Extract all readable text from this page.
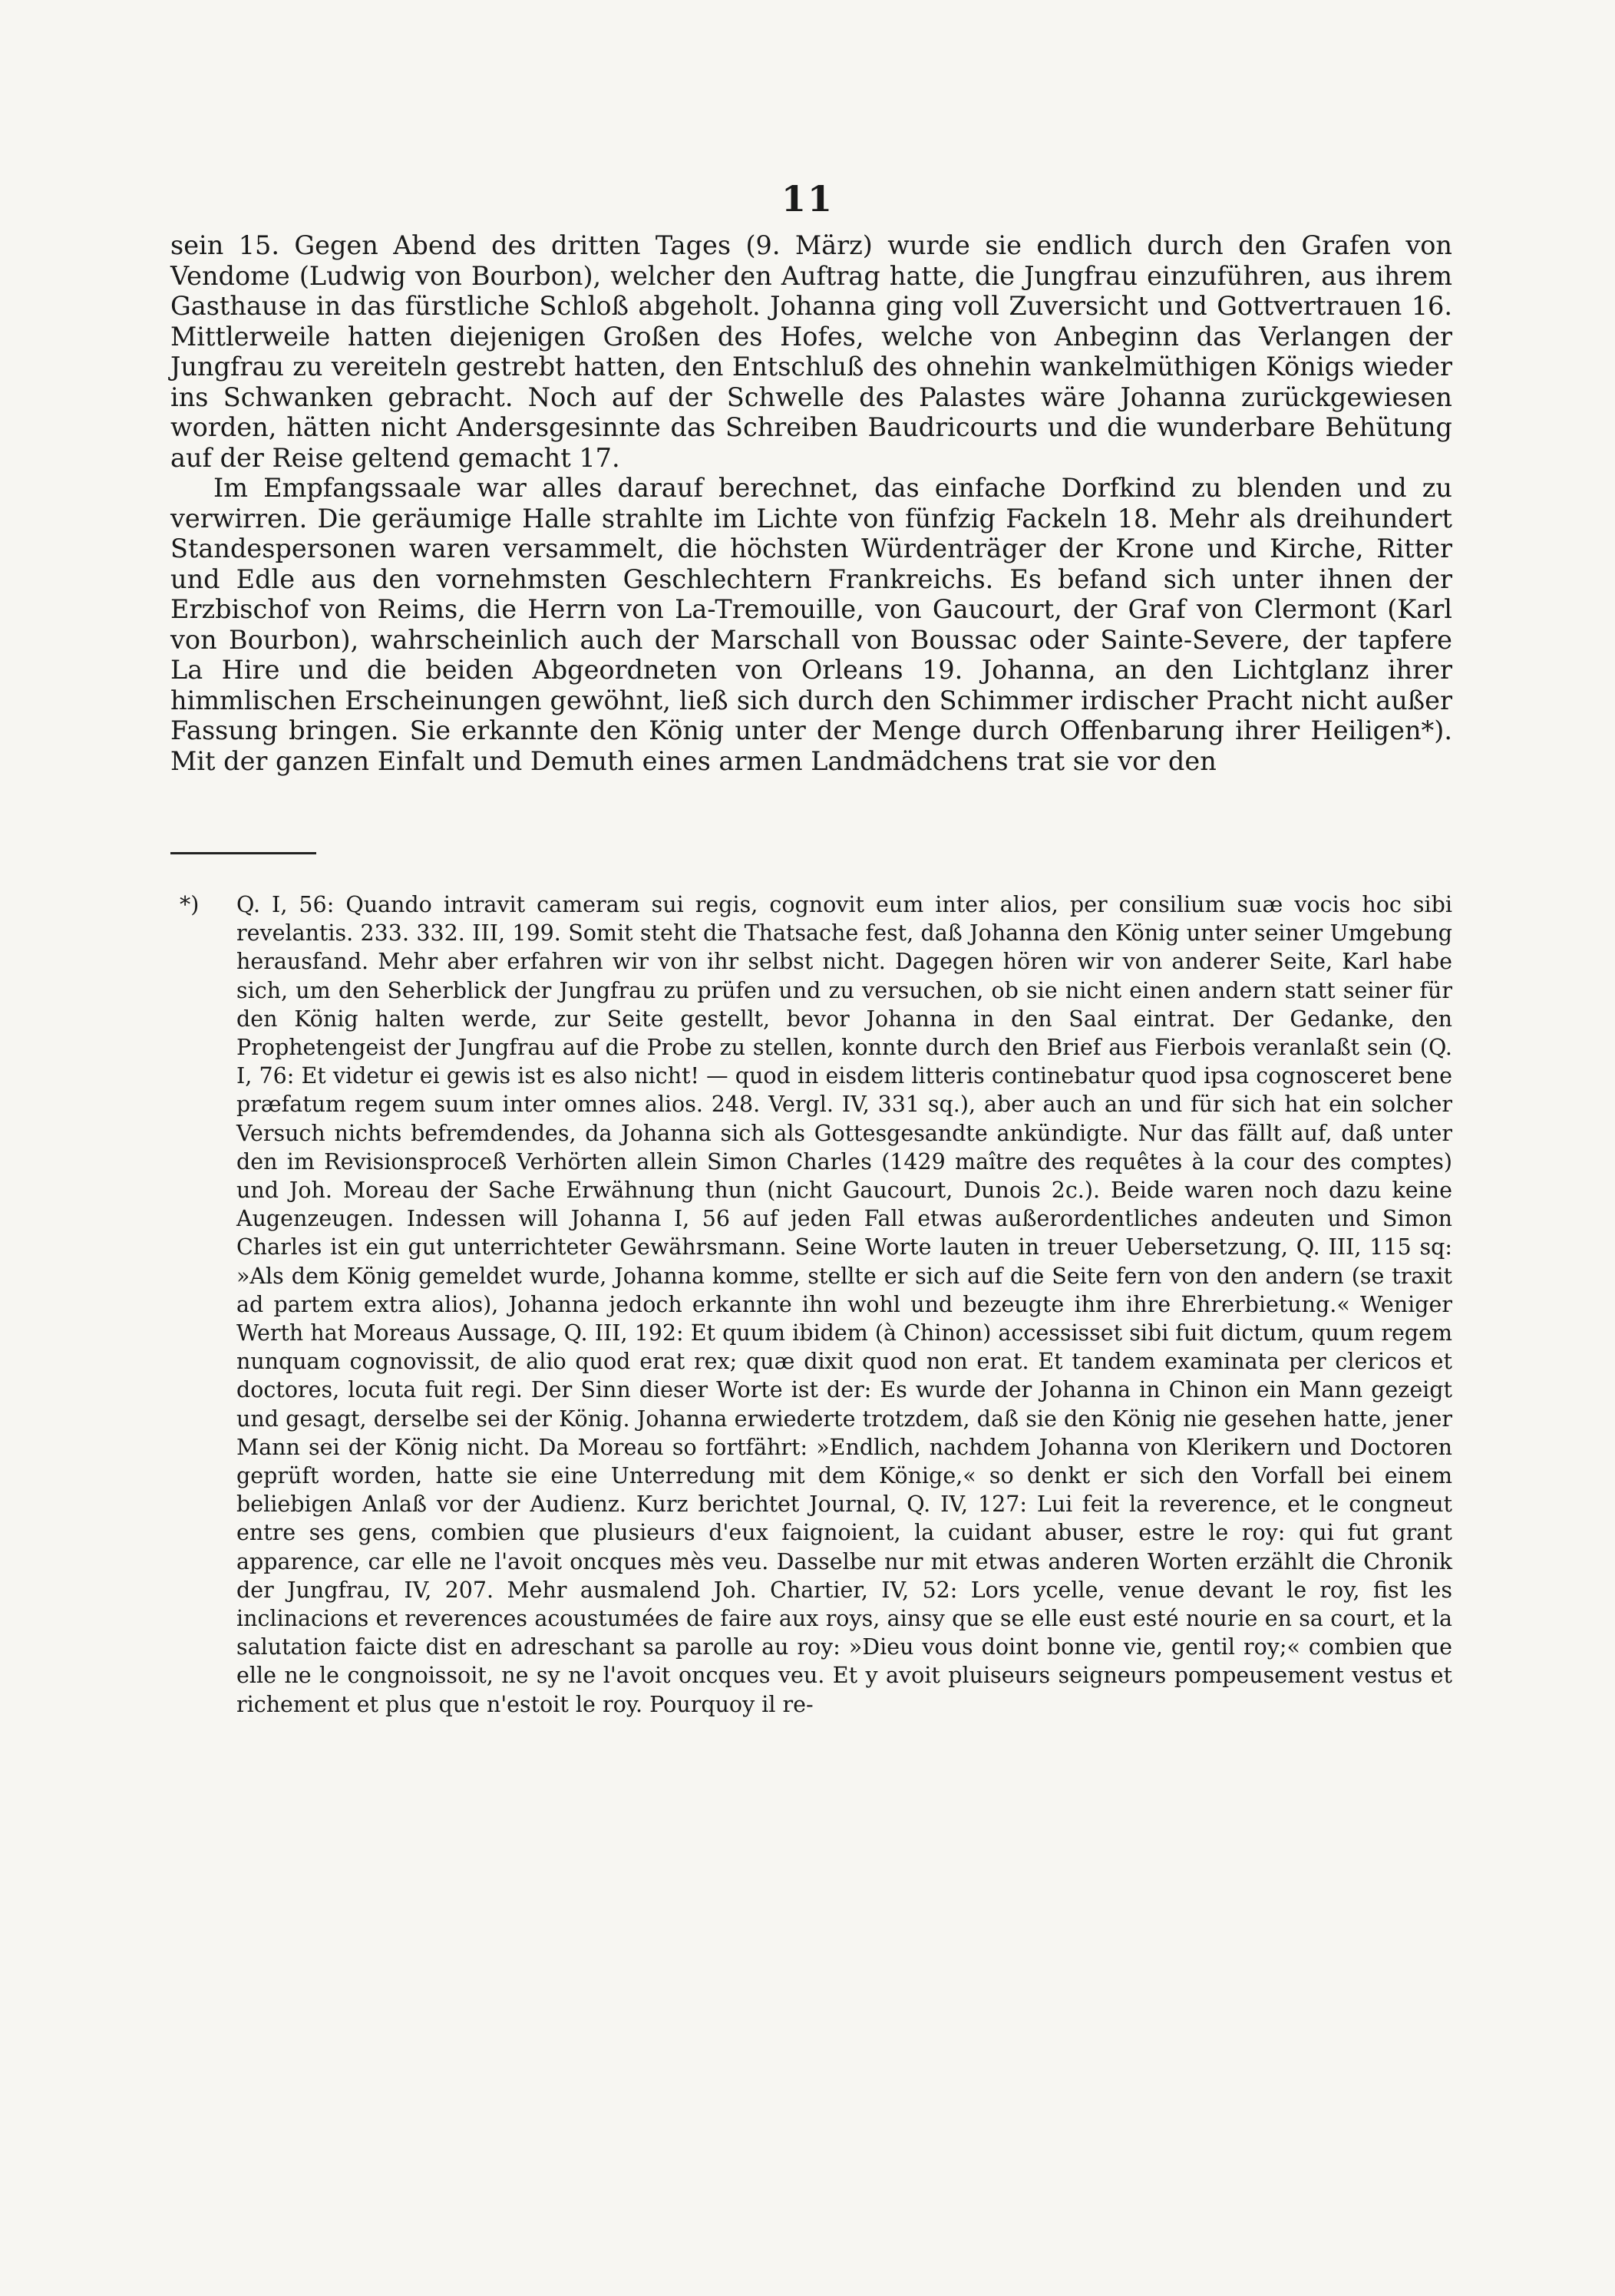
11

sein 15. Gegen Abend des dritten Tages (9. März) wurde sie endlich durch den Grafen von Vendome (Ludwig von Bourbon), welcher den Auftrag hatte, die Jungfrau einzuführen, aus ihrem Gasthause in das fürstliche Schloß abgeholt. Johanna ging voll Zuversicht und Gottvertrauen 16. Mittlerweile hatten diejenigen Großen des Hofes, welche von Anbeginn das Verlangen der Jungfrau zu vereiteln gestrebt hatten, den Entschluß des ohnehin wankelmüthigen Königs wieder ins Schwanken gebracht. Noch auf der Schwelle des Palastes wäre Johanna zurückgewiesen worden, hätten nicht Andersgesinnte das Schreiben Baudricourts und die wunderbare Behütung auf der Reise geltend gemacht 17.

Im Empfangssaale war alles darauf berechnet, das einfache Dorfkind zu blenden und zu verwirren. Die geräumige Halle strahlte im Lichte von fünfzig Fackeln 18. Mehr als dreihundert Standespersonen waren versammelt, die höchsten Würdenträger der Krone und Kirche, Ritter und Edle aus den vornehmsten Geschlechtern Frankreichs. Es befand sich unter ihnen der Erzbischof von Reims, die Herrn von La-Tremouille, von Gaucourt, der Graf von Clermont (Karl von Bourbon), wahrscheinlich auch der Marschall von Boussac oder Sainte-Severe, der tapfere La Hire und die beiden Abgeordneten von Orleans 19. Johanna, an den Lichtglanz ihrer himmlischen Erscheinungen gewöhnt, ließ sich durch den Schimmer irdischer Pracht nicht außer Fassung bringen. Sie erkannte den König unter der Menge durch Offenbarung ihrer Heiligen*). Mit der ganzen Einfalt und Demuth eines armen Landmädchens trat sie vor den

*) Q. I, 56: Quando intravit cameram sui regis, cognovit eum inter alios, per consilium suæ vocis hoc sibi revelantis. 233. 332. III, 199. Somit steht die Thatsache fest, daß Johanna den König unter seiner Umgebung herausfand. Mehr aber erfahren wir von ihr selbst nicht. Dagegen hören wir von anderer Seite, Karl habe sich, um den Seherblick der Jungfrau zu prüfen und zu versuchen, ob sie nicht einen andern statt seiner für den König halten werde, zur Seite gestellt, bevor Johanna in den Saal eintrat. Der Gedanke, den Prophetengeist der Jungfrau auf die Probe zu stellen, konnte durch den Brief aus Fierbois veranlaßt sein (Q. I, 76: Et videtur ei gewis ist es also nicht! — quod in eisdem litteris continebatur quod ipsa cognosceret bene præfatum regem suum inter omnes alios. 248. Vergl. IV, 331 sq.), aber auch an und für sich hat ein solcher Versuch nichts befremdendes, da Johanna sich als Gottesgesandte ankündigte. Nur das fällt auf, daß unter den im Revisionsproceß Verhörten allein Simon Charles (1429 maître des requêtes à la cour des comptes) und Joh. Moreau der Sache Erwähnung thun (nicht Gaucourt, Dunois 2c.). Beide waren noch dazu keine Augenzeugen. Indessen will Johanna I, 56 auf jeden Fall etwas außerordentliches andeuten und Simon Charles ist ein gut unterrichteter Gewährsmann. Seine Worte lauten in treuer Uebersetzung, Q. III, 115 sq: »Als dem König gemeldet wurde, Johanna komme, stellte er sich auf die Seite fern von den andern (se traxit ad partem extra alios), Johanna jedoch erkannte ihn wohl und bezeugte ihm ihre Ehrerbietung.« Weniger Werth hat Moreaus Aussage, Q. III, 192: Et quum ibidem (à Chinon) accessisset sibi fuit dictum, quum regem nunquam cognovissit, de alio quod erat rex; quæ dixit quod non erat. Et tandem examinata per clericos et doctores, locuta fuit regi. Der Sinn dieser Worte ist der: Es wurde der Johanna in Chinon ein Mann gezeigt und gesagt, derselbe sei der König. Johanna erwiederte trotzdem, daß sie den König nie gesehen hatte, jener Mann sei der König nicht. Da Moreau so fortfährt: »Endlich, nachdem Johanna von Klerikern und Doctoren geprüft worden, hatte sie eine Unterredung mit dem Könige,« so denkt er sich den Vorfall bei einem beliebigen Anlaß vor der Audienz. Kurz berichtet Journal, Q. IV, 127: Lui feit la reverence, et le congneut entre ses gens, combien que plusieurs d'eux faignoient, la cuidant abuser, estre le roy: qui fut grant apparence, car elle ne l'avoit oncques mès veu. Dasselbe nur mit etwas anderen Worten erzählt die Chronik der Jungfrau, IV, 207. Mehr ausmalend Joh. Chartier, IV, 52: Lors ycelle, venue devant le roy, fist les inclinacions et reverences acoustumées de faire aux roys, ainsy que se elle eust esté nourie en sa court, et la salutation faicte dist en adreschant sa parolle au roy: »Dieu vous doint bonne vie, gentil roy;« combien que elle ne le congnoissoit, ne sy ne l'avoit oncques veu. Et y avoit pluiseurs seigneurs pompeusement vestus et richement et plus que n'estoit le roy. Pourquoy il re-
